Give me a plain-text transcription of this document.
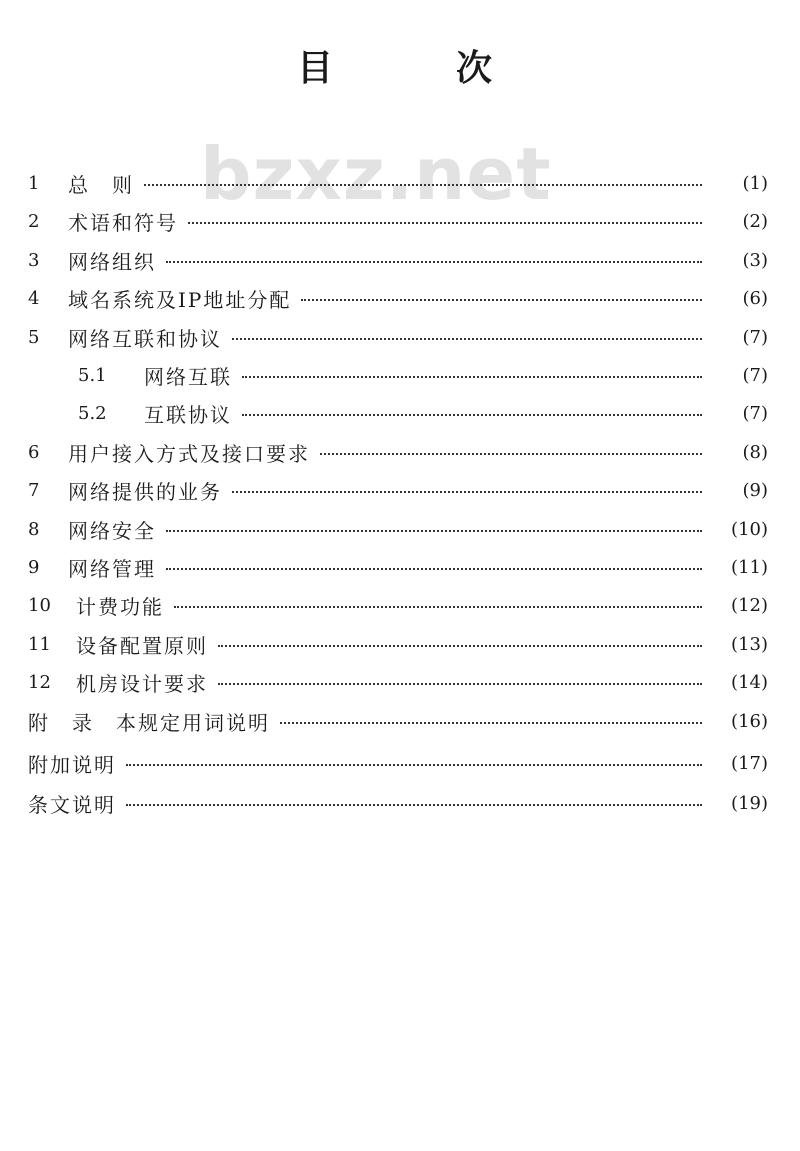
目	次
bzxz.net
1	总　则	(1)
2	术语和符号	(2)
3	网络组织	(3)
4	域名系统及IP地址分配	(6)
5	网络互联和协议	(7)
5.1	网络互联	(7)
5.2	互联协议	(7)
6	用户接入方式及接口要求	(8)
7	网络提供的业务	(9)
8	网络安全	(10)
9	网络管理	(11)
10	计费功能	(12)
11	设备配置原则	(13)
12	机房设计要求	(14)
附　录　本规定用词说明	(16)
附加说明	(17)
条文说明	(19)
